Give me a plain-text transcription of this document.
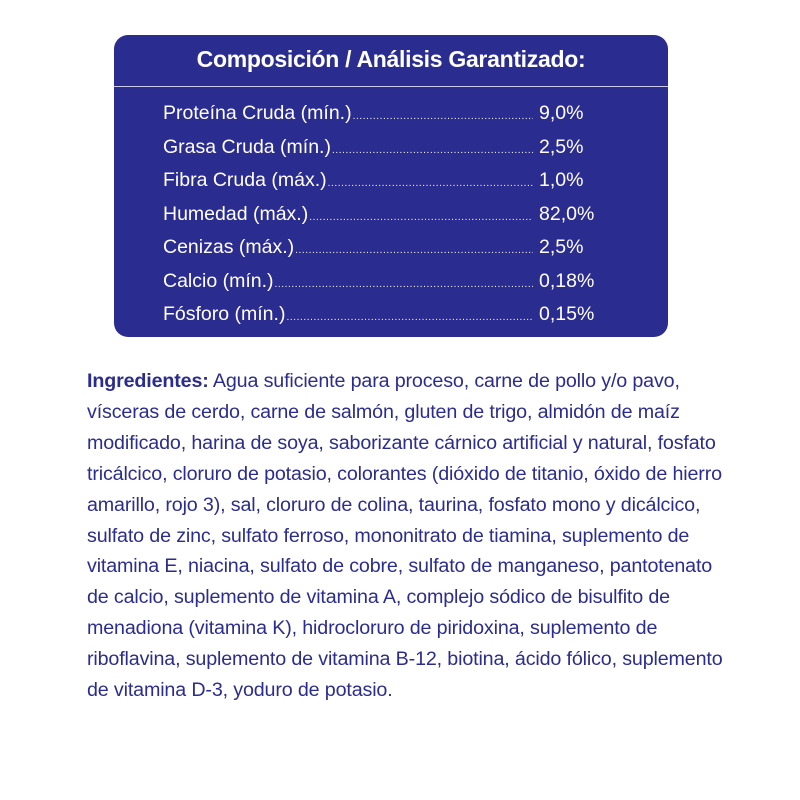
Composición / Análisis Garantizado:
Proteína Cruda (mín.) .....	9,0%
Grasa Cruda (mín.) .....	2,5%
Fibra Cruda (máx.) .....	1,0%
Humedad (máx.) .....	82,0%
Cenizas (máx.) .....	2,5%
Calcio (mín.) .....	0,18%
Fósforo (mín.) .....	0,15%

Ingredientes: Agua suficiente para proceso, carne de pollo y/o pavo, vísceras de cerdo, carne de salmón, gluten de trigo, almidón de maíz modificado, harina de soya, saborizante cárnico artificial y natural, fosfato tricálcico, cloruro de potasio, colorantes (dióxido de titanio, óxido de hierro amarillo, rojo 3), sal, cloruro de colina, taurina, fosfato mono y dicálcico, sulfato de zinc, sulfato ferroso, mononitrato de tiamina, suplemento de vitamina E, niacina, sulfato de cobre, sulfato de manganeso, pantotenato de calcio, suplemento de vitamina A, complejo sódico de bisulfito de menadiona (vitamina K), hidrocloruro de piridoxina, suplemento de riboflavina, suplemento de vitamina B-12, biotina, ácido fólico, suplemento de vitamina D-3, yoduro de potasio.
